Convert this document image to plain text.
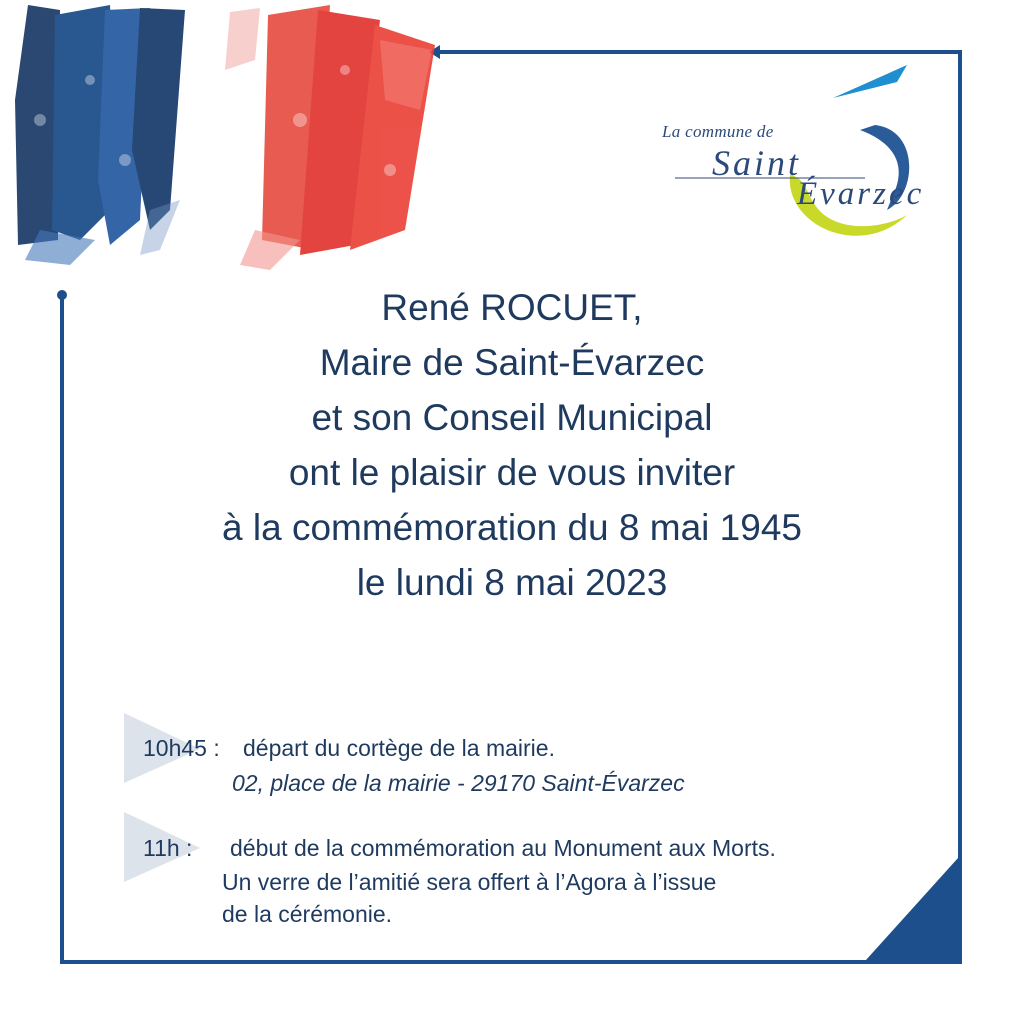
La commune de
Saint
Évarzec
René ROCUET,
Maire de Saint-Évarzec
et son Conseil Municipal
ont le plaisir de vous inviter
à la commémoration du 8 mai 1945
le lundi 8 mai 2023
10h45 : départ du cortège de la mairie.
02, place de la mairie - 29170 Saint-Évarzec
11h : début de la commémoration au Monument aux Morts.
Un verre de l’amitié sera offert à l’Agora à l’issue
de la cérémonie.
